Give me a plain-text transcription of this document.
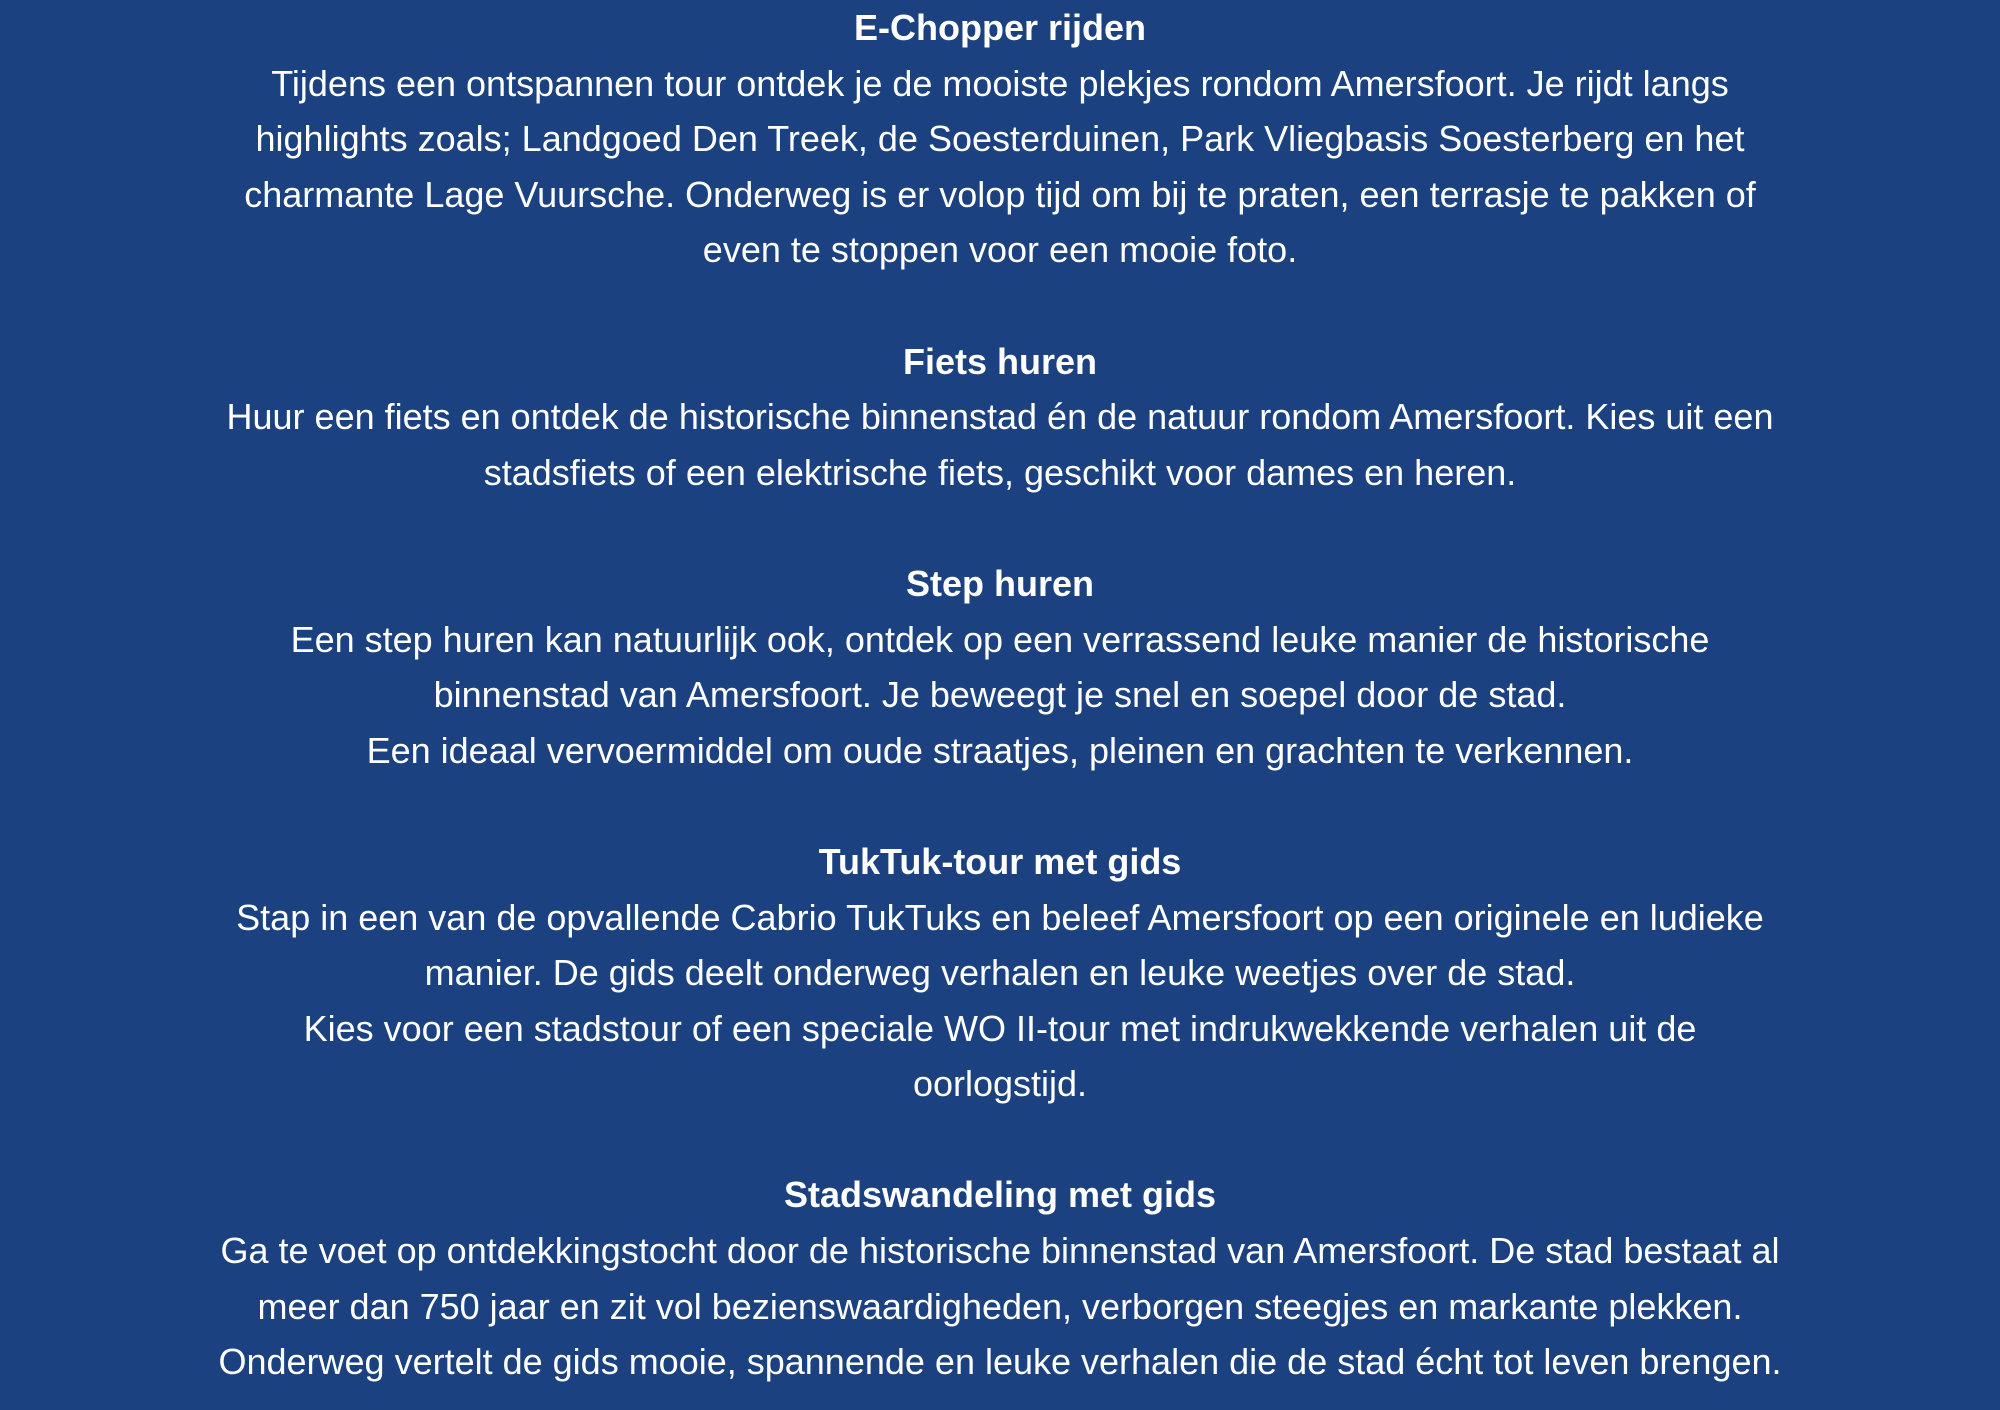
E-Chopper rijden
Tijdens een ontspannen tour ontdek je de mooiste plekjes rondom Amersfoort. Je rijdt langs
highlights zoals; Landgoed Den Treek, de Soesterduinen, Park Vliegbasis Soesterberg en het
charmante Lage Vuursche. Onderweg is er volop tijd om bij te praten, een terrasje te pakken of
even te stoppen voor een mooie foto.
Fiets huren
Huur een fiets en ontdek de historische binnenstad én de natuur rondom Amersfoort. Kies uit een
stadsfiets of een elektrische fiets, geschikt voor dames en heren.
Step huren
Een step huren kan natuurlijk ook, ontdek op een verrassend leuke manier de historische
binnenstad van Amersfoort. Je beweegt je snel en soepel door de stad.
Een ideaal vervoermiddel om oude straatjes, pleinen en grachten te verkennen.
TukTuk-tour met gids
Stap in een van de opvallende Cabrio TukTuks en beleef Amersfoort op een originele en ludieke
manier. De gids deelt onderweg verhalen en leuke weetjes over de stad.
Kies voor een stadstour of een speciale WO II-tour met indrukwekkende verhalen uit de
oorlogstijd.
Stadswandeling met gids
Ga te voet op ontdekkingstocht door de historische binnenstad van Amersfoort. De stad bestaat al
meer dan 750 jaar en zit vol bezienswaardigheden, verborgen steegjes en markante plekken.
Onderweg vertelt de gids mooie, spannende en leuke verhalen die de stad écht tot leven brengen.
